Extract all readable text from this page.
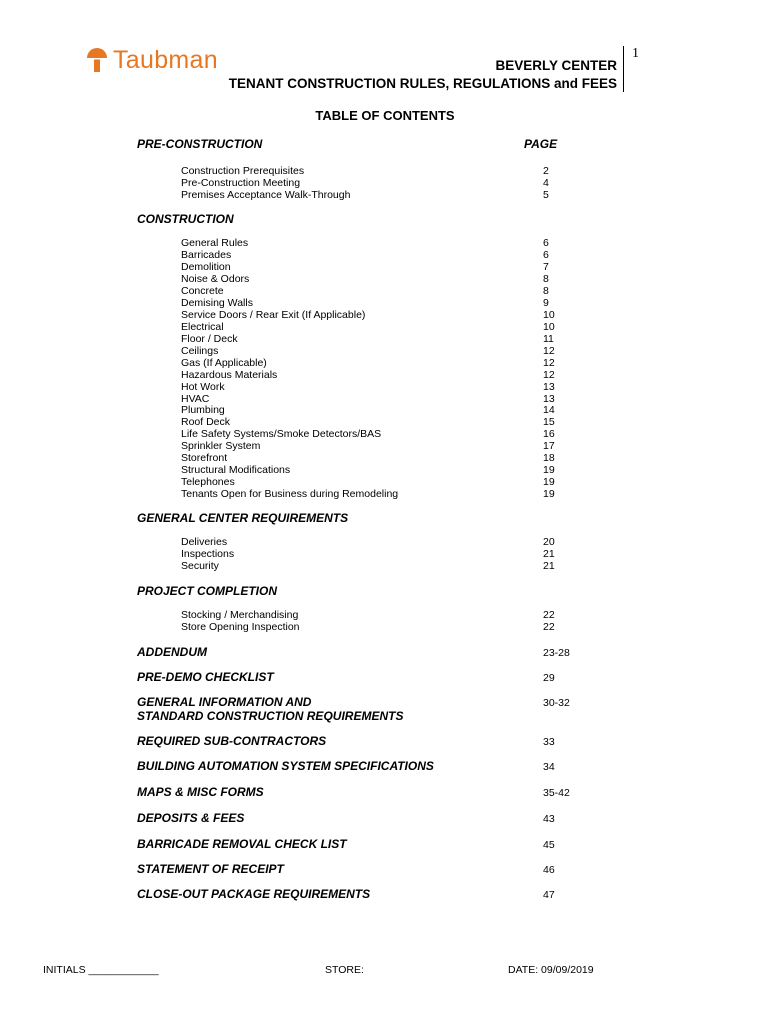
Taubman	BEVERLY CENTER
TENANT CONSTRUCTION RULES, REGULATIONS and FEES
1
TABLE OF CONTENTS
PRE-CONSTRUCTION	PAGE
Construction Prerequisites	2
Pre-Construction Meeting	4
Premises Acceptance Walk-Through	5
CONSTRUCTION
General Rules	6
Barricades	6
Demolition	7
Noise & Odors	8
Concrete	8
Demising Walls	9
Service Doors / Rear Exit (If Applicable)	10
Electrical	10
Floor / Deck	11
Ceilings	12
Gas (If Applicable)	12
Hazardous Materials	12
Hot Work	13
HVAC	13
Plumbing	14
Roof Deck	15
Life Safety Systems/Smoke Detectors/BAS	16
Sprinkler System	17
Storefront	18
Structural Modifications	19
Telephones	19
Tenants Open for Business during Remodeling	19
GENERAL CENTER REQUIREMENTS
Deliveries	20
Inspections	21
Security	21
PROJECT COMPLETION
Stocking / Merchandising	22
Store Opening Inspection	22
ADDENDUM	23-28
PRE-DEMO CHECKLIST	29
GENERAL INFORMATION AND
STANDARD CONSTRUCTION REQUIREMENTS
30-32
REQUIRED SUB-CONTRACTORS	33
BUILDING AUTOMATION SYSTEM SPECIFICATIONS	34
MAPS & MISC FORMS	35-42
DEPOSITS & FEES	43
BARRICADE REMOVAL CHECK LIST	45
STATEMENT OF RECEIPT	46
CLOSE-OUT PACKAGE REQUIREMENTS	47
INITIALS ____________	STORE:	DATE: 09/09/2019
